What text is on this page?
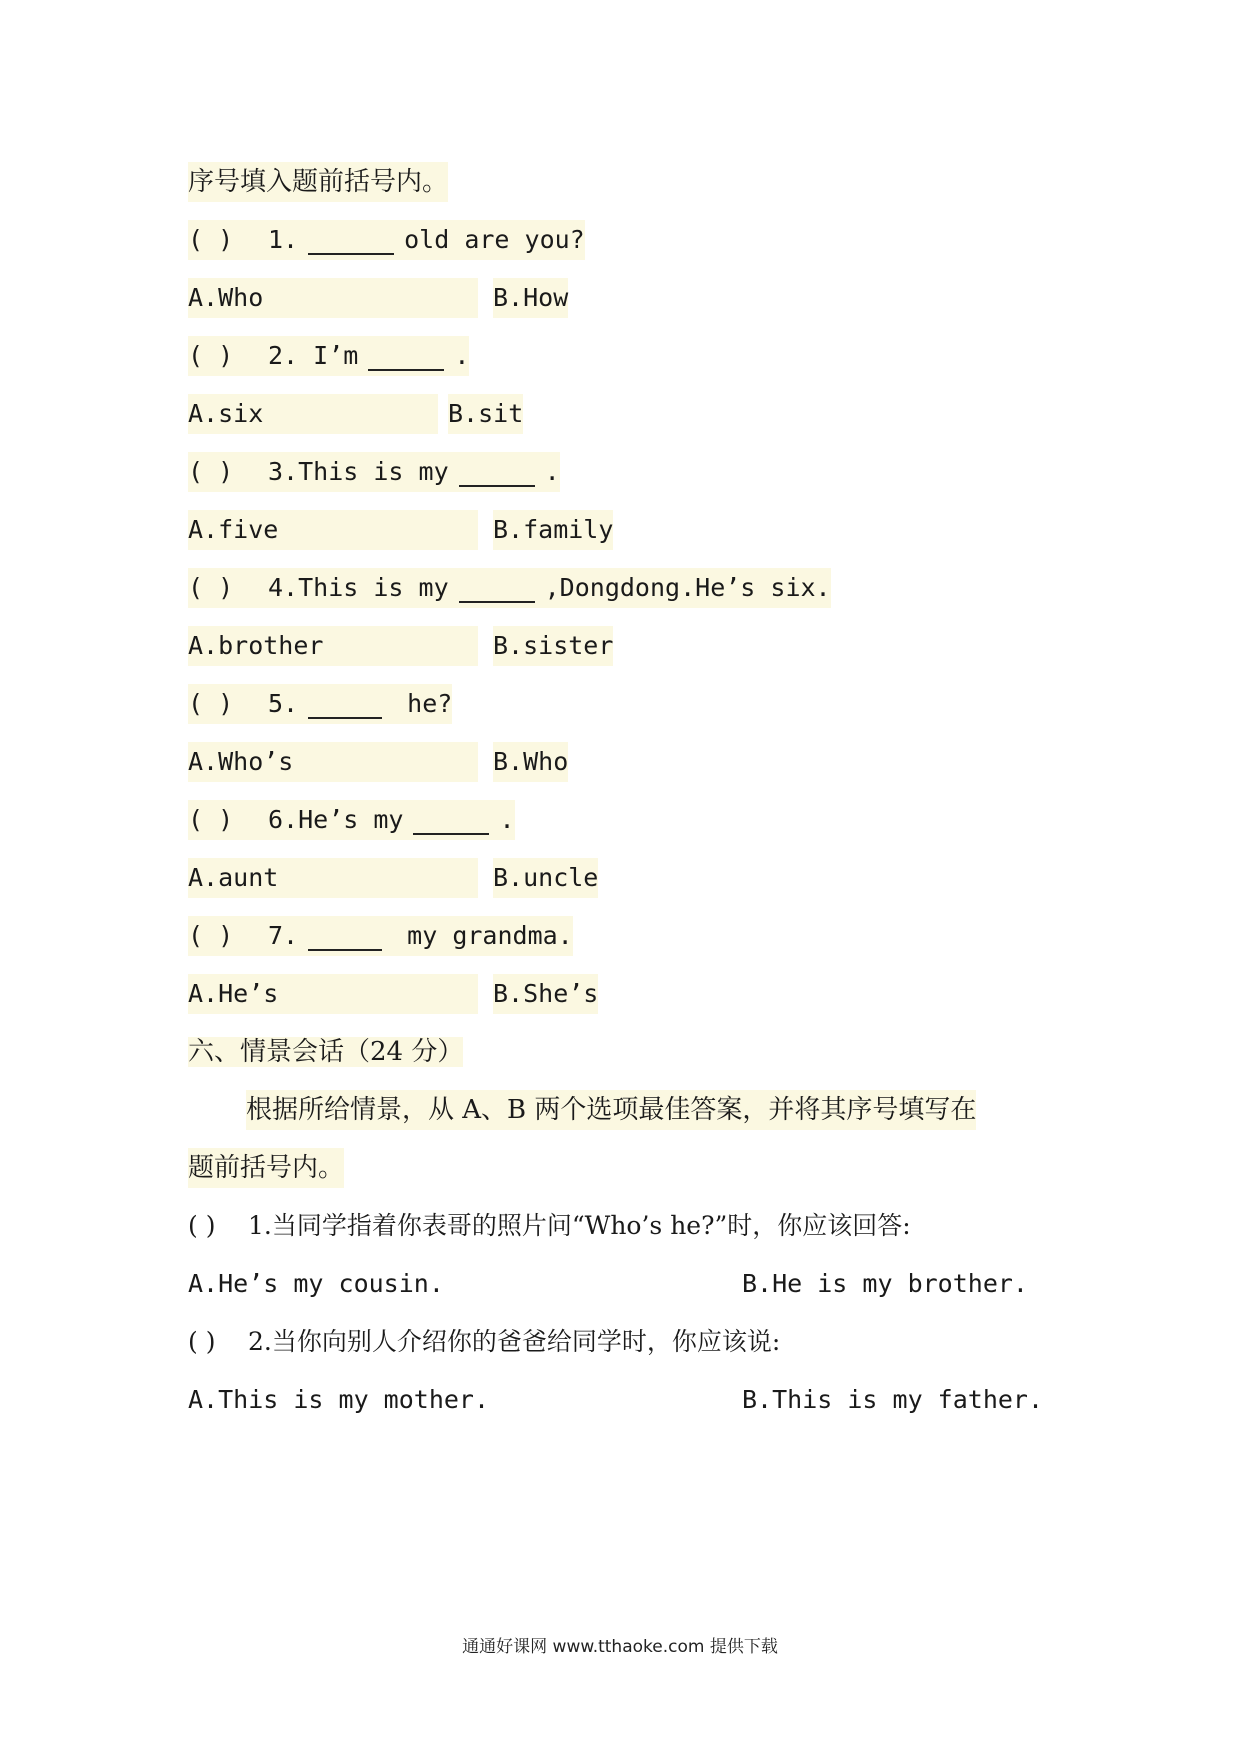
序号填入题前括号内。
( ) 1.	old are you?
A.Who	B.How
( ) 2. I’m	.
A.six	B.sit
( ) 3.This is my	.
A.five	B.family
( ) 4.This is my	,Dongdong.He’s six.
A.brother	B.sister
( ) 5.	he?
A.Who’s	B.Who
( ) 6.He’s my	.
A.aunt	B.uncle
( ) 7.	my grandma.
A.He’s	B.She’s
六、情景会话（24 分）
根据所给情景，从 A、B 两个选项最佳答案，并将其序号填写在
题前括号内。
( ) 1.当同学指着你表哥的照片问“Who’s he?”时，你应该回答:
A.He’s my cousin.	B.He is my brother.
( ) 2.当你向别人介绍你的爸爸给同学时，你应该说:
A.This is my mother.	B.This is my father.
通通好课网 www.tthaoke.com 提供下载
